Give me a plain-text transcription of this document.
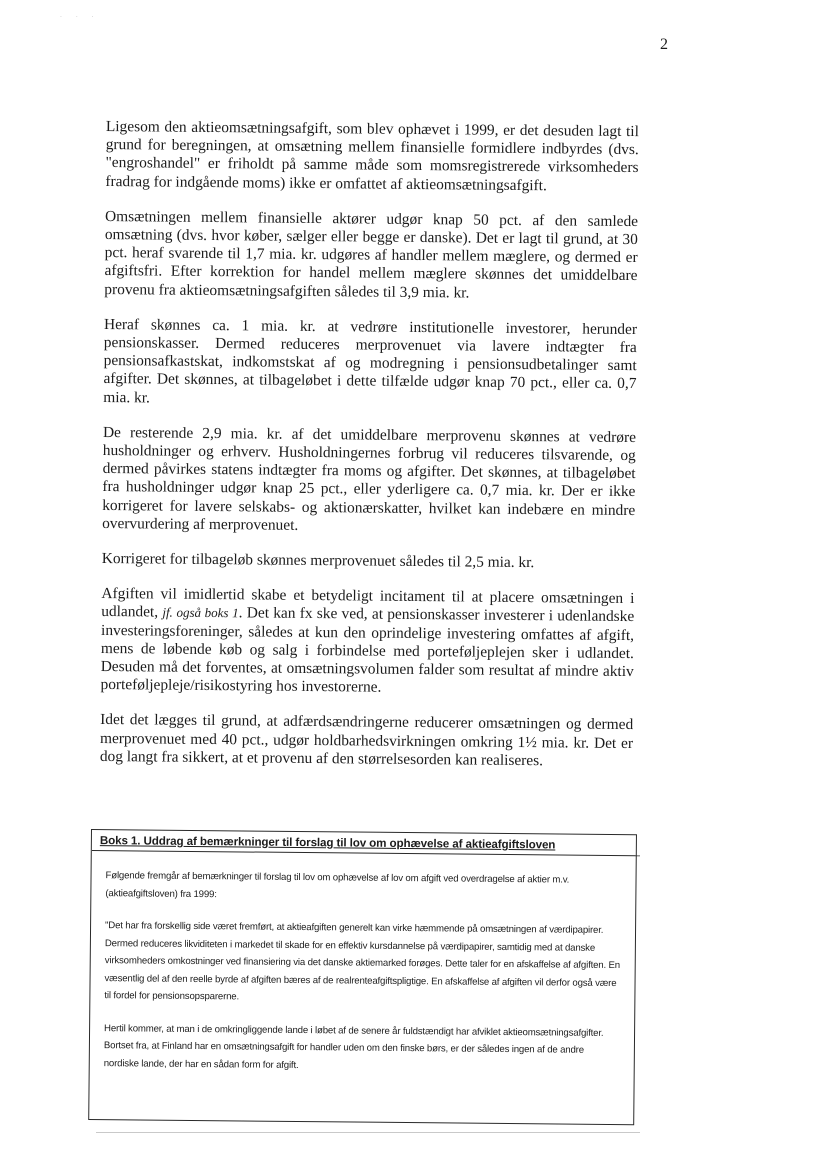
· · ·
2

Ligesom den aktieomsætningsafgift, som blev ophævet i 1999, er det desuden lagt til grund for beregningen, at omsætning mellem finansielle formidlere indbyrdes (dvs. "engroshandel" er friholdt på samme måde som momsregistrerede virksomheders fradrag for indgående moms) ikke er omfattet af aktieomsætningsafgift.

Omsætningen mellem finansielle aktører udgør knap 50 pct. af den samlede omsætning (dvs. hvor køber, sælger eller begge er danske). Det er lagt til grund, at 30 pct. heraf svarende til 1,7 mia. kr. udgøres af handler mellem mæglere, og dermed er afgiftsfri. Efter korrektion for handel mellem mæglere skønnes det umiddelbare provenu fra aktieomsætningsafgiften således til 3,9 mia. kr.

Heraf skønnes ca. 1 mia. kr. at vedrøre institutionelle investorer, herunder pensionskasser. Dermed reduceres merprovenuet via lavere indtægter fra pensionsafkastskat, indkomstskat af og modregning i pensionsudbetalinger samt afgifter. Det skønnes, at tilbageløbet i dette tilfælde udgør knap 70 pct., eller ca. 0,7 mia. kr.

De resterende 2,9 mia. kr. af det umiddelbare merprovenu skønnes at vedrøre husholdninger og erhverv. Husholdningernes forbrug vil reduceres tilsvarende, og dermed påvirkes statens indtægter fra moms og afgifter. Det skønnes, at tilbageløbet fra husholdninger udgør knap 25 pct., eller yderligere ca. 0,7 mia. kr. Der er ikke korrigeret for lavere selskabs- og aktionærskatter, hvilket kan indebære en mindre overvurdering af merprovenuet.

Korrigeret for tilbageløb skønnes merprovenuet således til 2,5 mia. kr.

Afgiften vil imidlertid skabe et betydeligt incitament til at placere omsætningen i udlandet, jf. også boks 1. Det kan fx ske ved, at pensionskasser investerer i udenlandske investeringsforeninger, således at kun den oprindelige investering omfattes af afgift, mens de løbende køb og salg i forbindelse med porteføljeplejen sker i udlandet. Desuden må det forventes, at omsætningsvolumen falder som resultat af mindre aktiv porteføljepleje/risikostyring hos investorerne.

Idet det lægges til grund, at adfærdsændringerne reducerer omsætningen og dermed merprovenuet med 40 pct., udgør holdbarhedsvirkningen omkring 1½ mia. kr. Det er dog langt fra sikkert, at et provenu af den størrelsesorden kan realiseres.

Boks 1. Uddrag af bemærkninger til forslag til lov om ophævelse af aktieafgiftsloven

Følgende fremgår af bemærkninger til forslag til lov om ophævelse af lov om afgift ved overdragelse af aktier m.v. (aktieafgiftsloven) fra 1999:

"Det har fra forskellig side været fremført, at aktieafgiften generelt kan virke hæmmende på omsætningen af værdipapirer. Dermed reduceres likviditeten i markedet til skade for en effektiv kursdannelse på værdipapirer, samtidig med at danske virksomheders omkostninger ved finansiering via det danske aktiemarked forøges. Dette taler for en afskaffelse af afgiften. En væsentlig del af den reelle byrde af afgiften bæres af de realrenteafgiftspligtige. En afskaffelse af afgiften vil derfor også være til fordel for pensionsopsparerne.

Hertil kommer, at man i de omkringliggende lande i løbet af de senere år fuldstændigt har afviklet aktieomsætningsafgifter. Bortset fra, at Finland har en omsætningsafgift for handler uden om den finske børs, er der således ingen af de andre nordiske lande, der har en sådan form for afgift.
